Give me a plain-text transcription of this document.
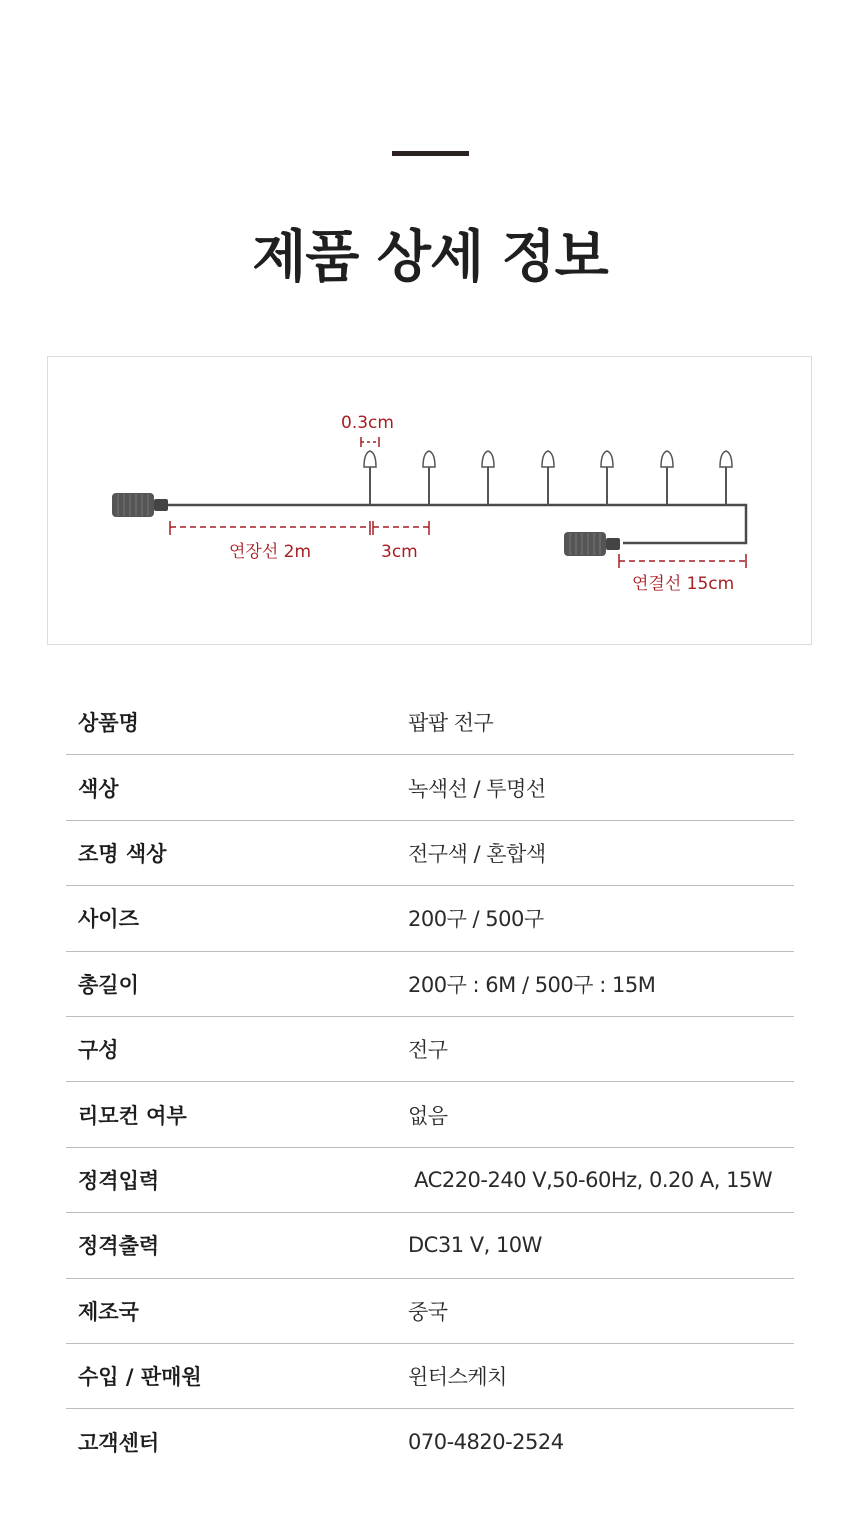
제품 상세 정보
0.3cm
연장선 2m	3cm
연결선 15cm
상품명	팝팝 전구
색상	녹색선 / 투명선
조명 색상	전구색 / 혼합색
사이즈	200구 / 500구
총길이	200구 : 6M / 500구 : 15M
구성	전구
리모컨 여부	없음
정격입력	AC220-240 V,50-60Hz, 0.20 A, 15W
정격출력	DC31 V, 10W
제조국	중국
수입 / 판매원	윈터스케치
고객센터	070-4820-2524
